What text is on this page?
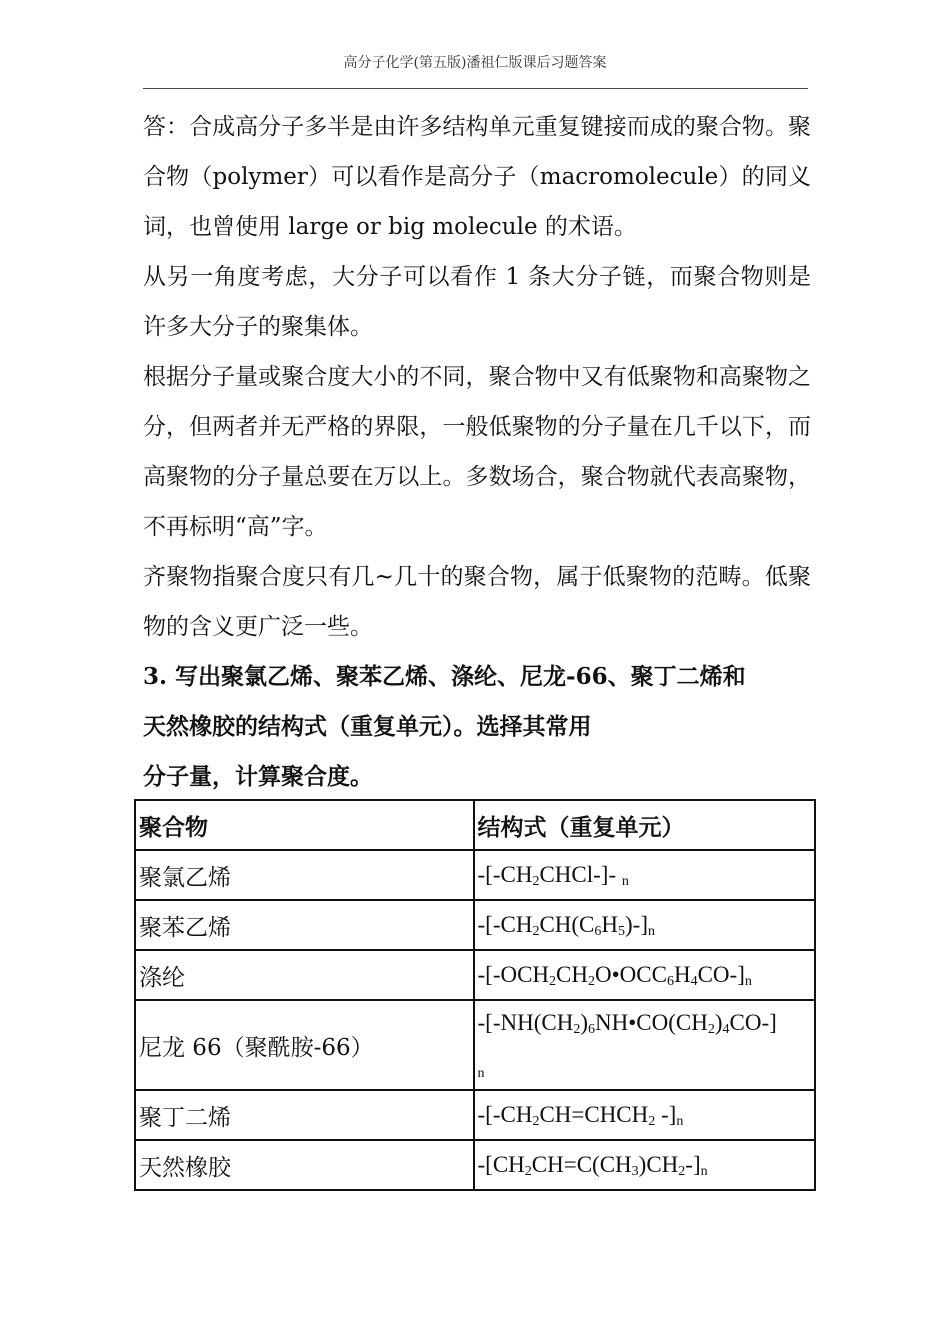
高分子化学(第五版)潘祖仁版课后习题答案

答：合成高分子多半是由许多结构单元重复键接而成的聚合物。聚合物（polymer）可以看作是高分子（macromolecule）的同义词，也曾使用 large or big molecule 的术语。

从另一角度考虑，大分子可以看作 1 条大分子链，而聚合物则是许多大分子的聚集体。

根据分子量或聚合度大小的不同，聚合物中又有低聚物和高聚物之分，但两者并无严格的界限，一般低聚物的分子量在几千以下，而高聚物的分子量总要在万以上。多数场合，聚合物就代表高聚物，不再标明“高”字。

齐聚物指聚合度只有几~几十的聚合物，属于低聚物的范畴。低聚物的含义更广泛一些。

3. 写出聚氯乙烯、聚苯乙烯、涤纶、尼龙-66、聚丁二烯和

天然橡胶的结构式（重复单元）。选择其常用

分子量，计算聚合度。

聚合物	结构式（重复单元）
聚氯乙烯	$-[-CH_2CHCl-]-$ $_n$
聚苯乙烯	$-[-CH_2CH(C_6H_5)-]_n$
涤纶	$-[-OCH_2CH_2O•OCC_6H_4CO-]_n$
尼龙 66（聚酰胺-66）	$-[-NH(CH_2)_6NH•CO(CH_2)_4CO-]$
$_n$
聚丁二烯	$-[-CH_2CH=CHCH_2$ $-]_n$
天然橡胶	$-[CH_2CH=C(CH_3)CH_2-]_n$
